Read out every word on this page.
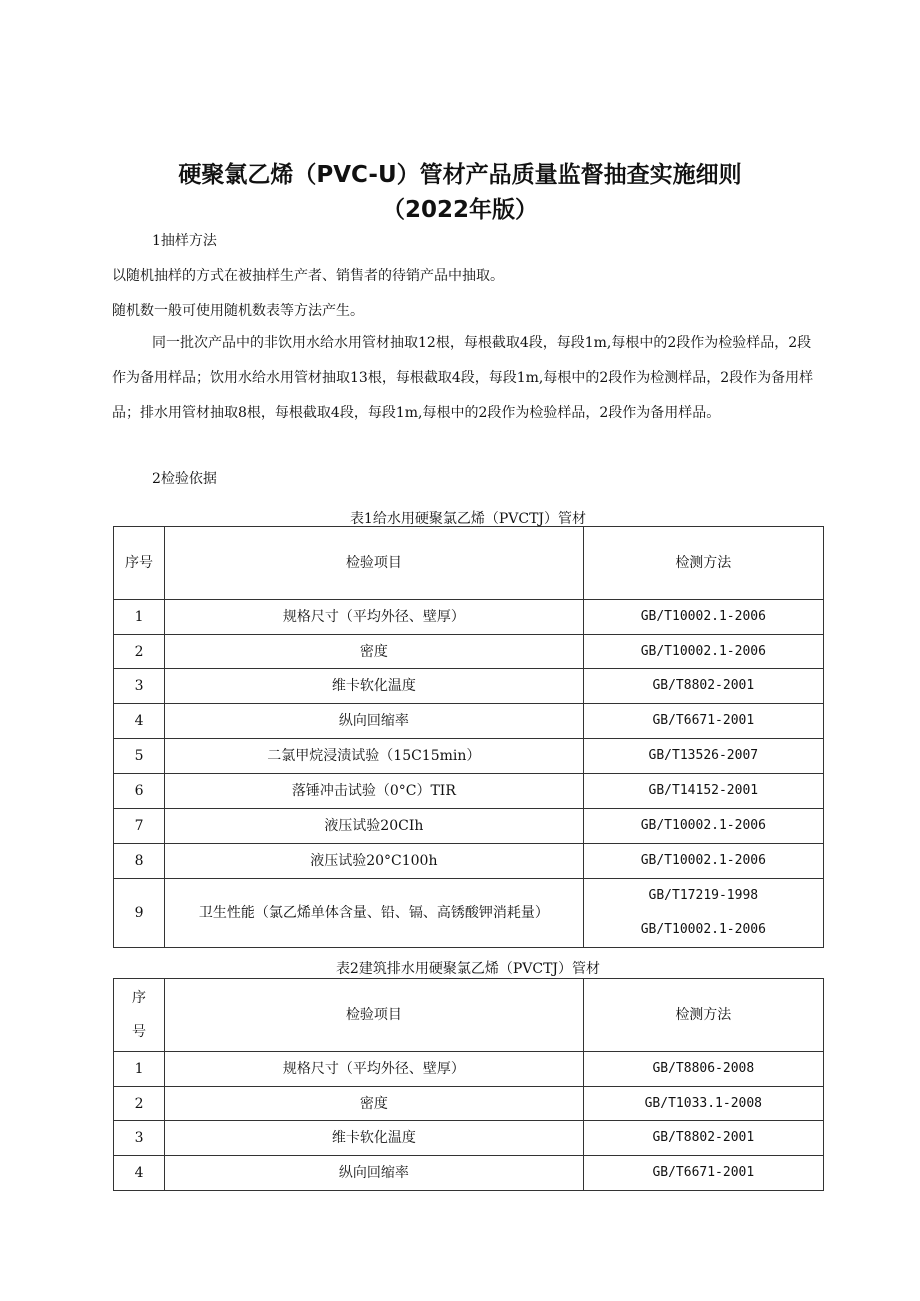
硬聚氯乙烯（PVC-U）管材产品质量监督抽查实施细则
（2022年版）
1抽样方法
以随机抽样的方式在被抽样生产者、销售者的待销产品中抽取。
随机数一般可使用随机数表等方法产生。
同一批次产品中的非饮用水给水用管材抽取12根，每根截取4段，每段1m,每根中的2段作为检验样品，2段作为备用样品；饮用水给水用管材抽取13根，每根截取4段，每段1m,每根中的2段作为检测样品，2段作为备用样品；排水用管材抽取8根，每根截取4段，每段1m,每根中的2段作为检验样品，2段作为备用样品。
2检验依据
表1给水用硬聚氯乙烯（PVCTJ）管材
序号	检验项目	检测方法
1	规格尺寸（平均外径、壁厚）	GB/T10002.1-2006

2	密度	GB/T10002.1-2006

3	维卡软化温度	GB/T8802-2001

4	纵向回缩率	GB/T6671-2001

5	二氯甲烷浸渍试验（15C15min）	GB/T13526-2007

6	落锤冲击试验（0°C）TIR	GB/T14152-2001

7	液压试验20CIh	GB/T10002.1-2006

8	液压试验20°C100h	GB/T10002.1-2006

9	卫生性能（氯乙烯单体含量、铅、镉、高锈酸钾消耗量）	GB/T17219-1998
GB/T10002.1-2006
表2建筑排水用硬聚氯乙烯（PVCTJ）管材
序
号	检验项目	检测方法
1	规格尺寸（平均外径、壁厚）	GB/T8806-2008
2	密度	GB/T1033.1-2008
3	维卡软化温度	GB/T8802-2001
4	纵向回缩率	GB/T6671-2001
